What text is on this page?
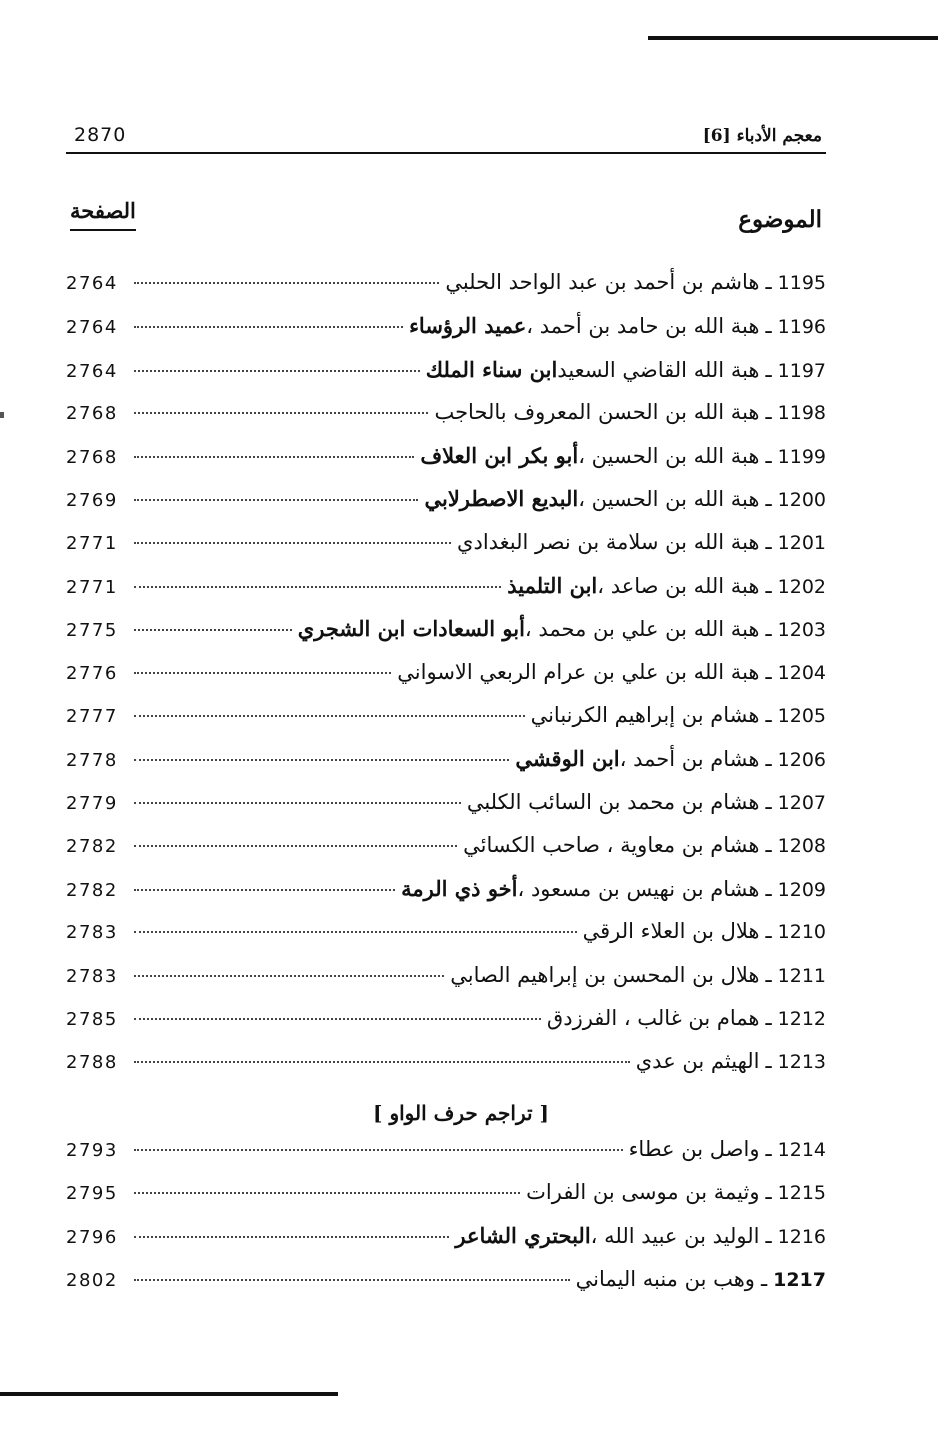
معجم الأدباء [6]
2870
الموضوع
الصفحة
1195
ـ
هاشم بن أحمد بن عبد الواحد الحلبي
2764
1196
ـ
هبة الله بن حامد بن أحمد ،
عميد الرؤساء
2764
1197
ـ
هبة الله القاضي السعيد
ابن سناء الملك
2764
1198
ـ
هبة الله بن الحسن المعروف بالحاجب
2768
1199
ـ
هبة الله بن الحسين ،
أبو بكر ابن العلاف
2768
1200
ـ
هبة الله بن الحسين ،
البديع الاصطرلابي
2769
1201
ـ
هبة الله بن سلامة بن نصر البغدادي
2771
1202
ـ
هبة الله بن صاعد ،
ابن التلميذ
2771
1203
ـ
هبة الله بن علي بن محمد ،
أبو السعادات ابن الشجري
2775
1204
ـ
هبة الله بن علي بن عرام الربعي الاسواني
2776
1205
ـ
هشام بن إبراهيم الكرنباني
2777
1206
ـ
هشام بن أحمد ،
ابن الوقشي
2778
1207
ـ
هشام بن محمد بن السائب الكلبي
2779
1208
ـ
هشام بن معاوية ، صاحب الكسائي
2782
1209
ـ
هشام بن نهيس بن مسعود ،
أخو ذي الرمة
2782
1210
ـ
هلال بن العلاء الرقي
2783
1211
ـ
هلال بن المحسن بن إبراهيم الصابي
2783
1212
ـ
همام بن غالب ، الفرزدق
2785
1213
ـ
الهيثم بن عدي
2788
[ تراجم حرف الواو ]
1214
ـ
واصل بن عطاء
2793
1215
ـ
وثيمة بن موسى بن الفرات
2795
1216
ـ
الوليد بن عبيد الله ،
البحتري الشاعر
2796
1217
ـ
وهب بن منبه اليماني
2802
